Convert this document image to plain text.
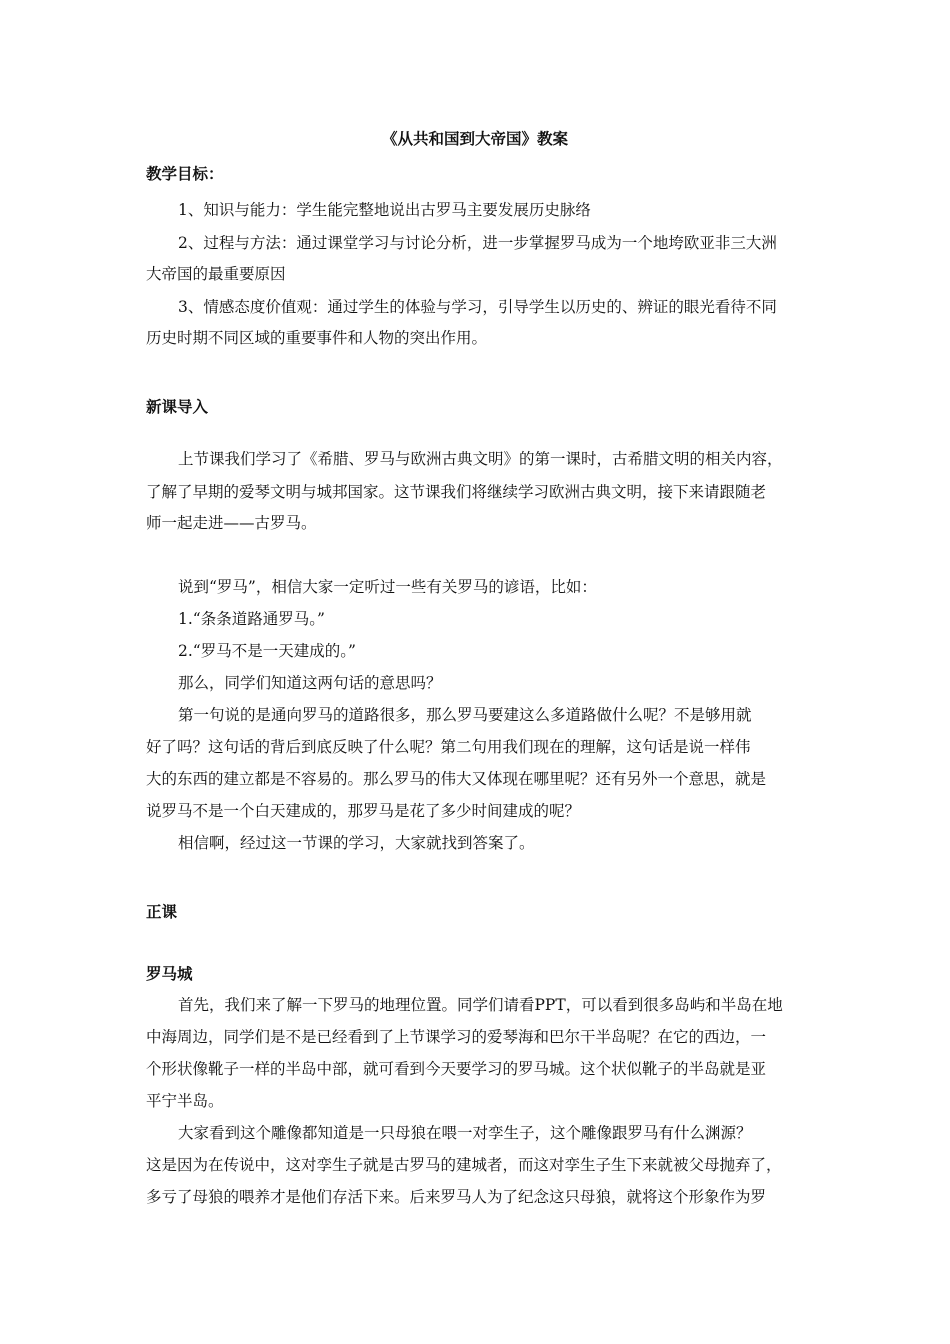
《从共和国到大帝国》教案
教学目标：
1、知识与能力：学生能完整地说出古罗马主要发展历史脉络
2、过程与方法：通过课堂学习与讨论分析，进一步掌握罗马成为一个地垮欧亚非三大洲
大帝国的最重要原因
3、情感态度价值观：通过学生的体验与学习，引导学生以历史的、辨证的眼光看待不同
历史时期不同区域的重要事件和人物的突出作用。
新课导入
上节课我们学习了《希腊、罗马与欧洲古典文明》的第一课时，古希腊文明的相关内容，
了解了早期的爱琴文明与城邦国家。这节课我们将继续学习欧洲古典文明，接下来请跟随老
师一起走进——古罗马。
说到“罗马”，相信大家一定听过一些有关罗马的谚语，比如：
1.“条条道路通罗马。”
2.“罗马不是一天建成的。”
那么，同学们知道这两句话的意思吗？
第一句说的是通向罗马的道路很多，那么罗马要建这么多道路做什么呢？不是够用就
好了吗？这句话的背后到底反映了什么呢？第二句用我们现在的理解，这句话是说一样伟
大的东西的建立都是不容易的。那么罗马的伟大又体现在哪里呢？还有另外一个意思，就是
说罗马不是一个白天建成的，那罗马是花了多少时间建成的呢？
相信啊，经过这一节课的学习，大家就找到答案了。
正课
罗马城
首先，我们来了解一下罗马的地理位置。同学们请看PPT，可以看到很多岛屿和半岛在地
中海周边，同学们是不是已经看到了上节课学习的爱琴海和巴尔干半岛呢？在它的西边，一
个形状像靴子一样的半岛中部，就可看到今天要学习的罗马城。这个状似靴子的半岛就是亚
平宁半岛。
大家看到这个雕像都知道是一只母狼在喂一对孪生子，这个雕像跟罗马有什么渊源？
这是因为在传说中，这对孪生子就是古罗马的建城者，而这对孪生子生下来就被父母抛弃了，
多亏了母狼的喂养才是他们存活下来。后来罗马人为了纪念这只母狼，就将这个形象作为罗
